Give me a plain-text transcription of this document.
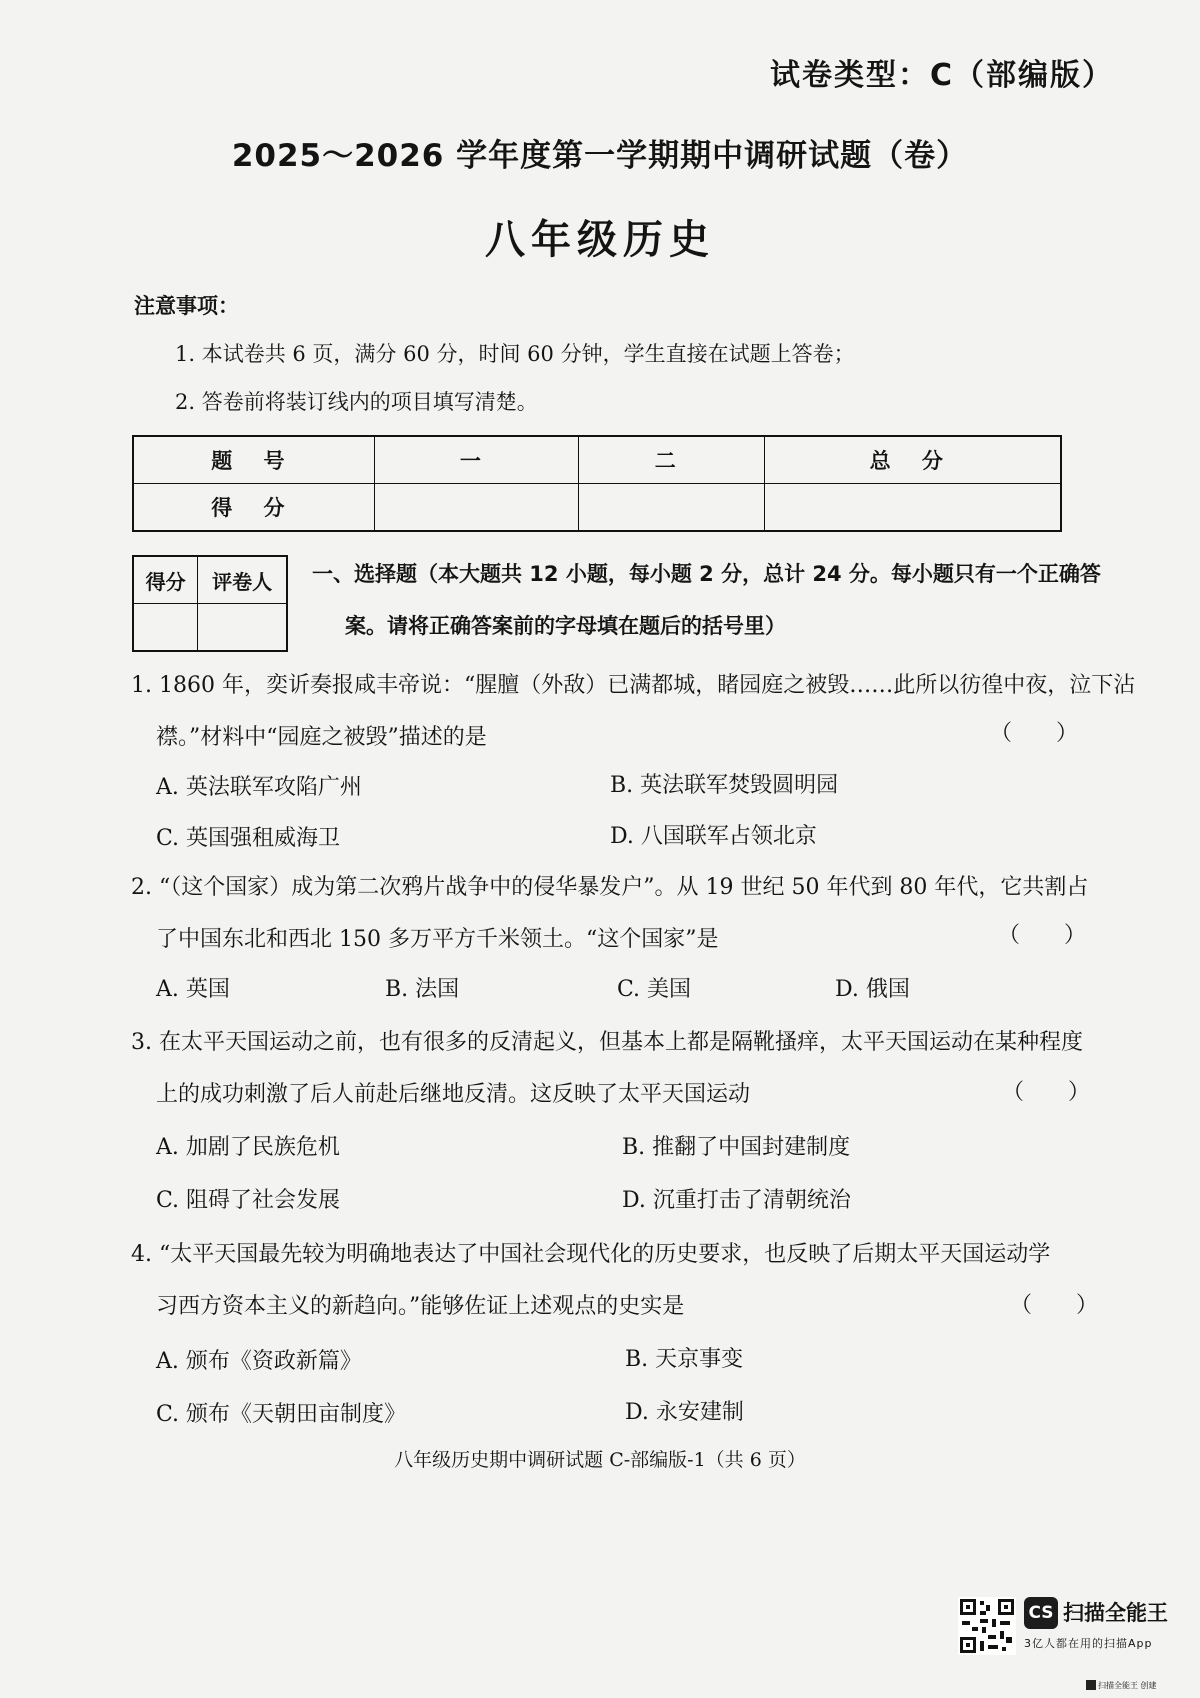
试卷类型：C（部编版）
2025～2026 学年度第一学期期中调研试题（卷）
八年级历史
注意事项：
1. 本试卷共 6 页，满分 60 分，时间 60 分钟，学生直接在试题上答卷；
2. 答卷前将装订线内的项目填写清楚。
题 号	一	二	总 分
得 分			
得分	评卷人
	一、选择题（本大题共 12 小题，每小题 2 分，总计 24 分。每小题只有一个正确答
案。请将正确答案前的字母填在题后的括号里）
1. 1860 年，奕䜣奏报咸丰帝说：“腥膻（外敌）已满都城，睹园庭之被毁……此所以彷徨中夜，泣下沾
襟。”材料中“园庭之被毁”描述的是	（　　）
A. 英法联军攻陷广州	B. 英法联军焚毁圆明园
C. 英国强租威海卫	D. 八国联军占领北京
2. “（这个国家）成为第二次鸦片战争中的侵华暴发户”。从 19 世纪 50 年代到 80 年代，它共割占
了中国东北和西北 150 多万平方千米领土。“这个国家”是	（　　）
A. 英国	B. 法国	C. 美国	D. 俄国
3. 在太平天国运动之前，也有很多的反清起义，但基本上都是隔靴搔痒，太平天国运动在某种程度
上的成功刺激了后人前赴后继地反清。这反映了太平天国运动	（　　）
A. 加剧了民族危机	B. 推翻了中国封建制度
C. 阻碍了社会发展	D. 沉重打击了清朝统治
4. “太平天国最先较为明确地表达了中国社会现代化的历史要求，也反映了后期太平天国运动学
习西方资本主义的新趋向。”能够佐证上述观点的史实是	（　　）
A. 颁布《资政新篇》	B. 天京事变
C. 颁布《天朝田亩制度》	D. 永安建制
八年级历史期中调研试题 C-部编版-1（共 6 页）
CS 扫描全能王
3亿人都在用的扫描App
扫描全能王 创建
